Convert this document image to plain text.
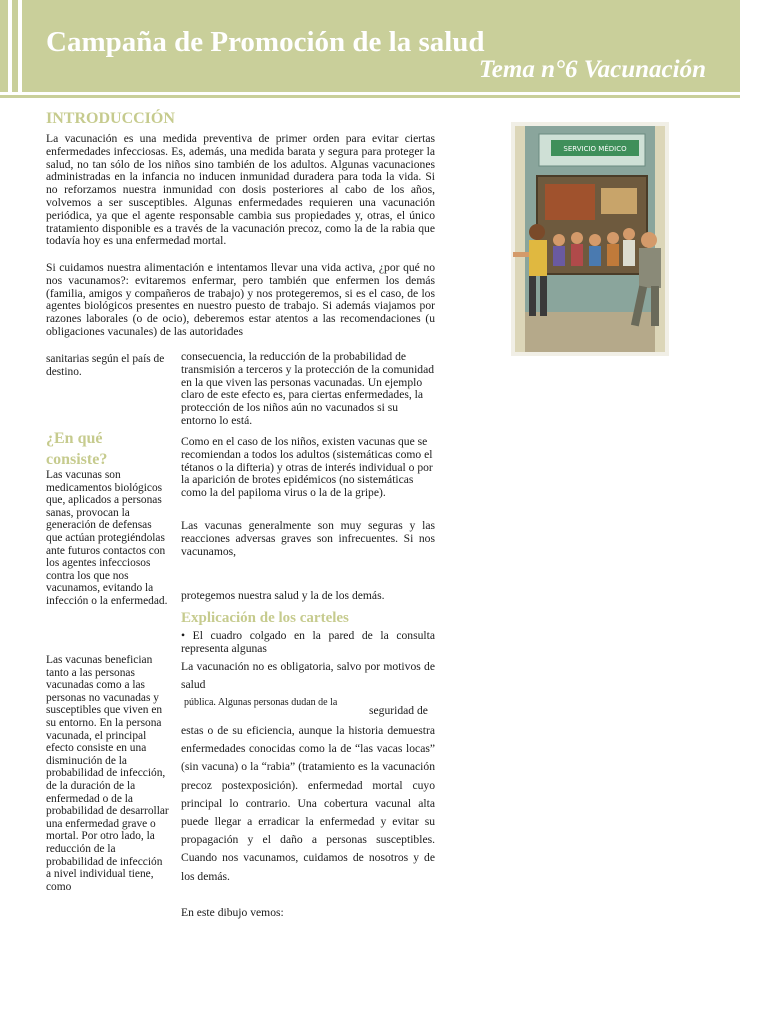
Campaña de Promoción de la salud
Tema n°6 Vacunación
INTRODUCCIÓN
La vacunación es una medida preventiva de primer orden para evitar ciertas enfermedades infecciosas. Es, además, una medida barata y segura para proteger la salud, no tan sólo de los niños sino también de los adultos. Algunas vacunaciones administradas en la infancia no inducen inmunidad duradera para toda la vida. Si no reforzamos nuestra inmunidad con dosis posteriores al cabo de los años, volvemos a ser susceptibles. Algunas enfermedades requieren una vacunación periódica, ya que el agente responsable cambia sus propiedades y, otras, el único tratamiento disponible es a través de la vacunación precoz, como la de la rabia que todavía hoy es una enfermedad mortal.
Si cuidamos nuestra alimentación e intentamos llevar una vida activa, ¿por qué no nos vacunamos?: evitaremos enfermar, pero también que enfermen los demás (familia, amigos y compañeros de trabajo) y nos protegeremos, si es el caso, de los agentes biológicos presentes en nuestro puesto de trabajo. Si además viajamos por razones laborales (o de ocio), deberemos estar atentos a las recomendaciones (u obligaciones vacunales) de las autoridades
sanitarias según el país de destino.
¿En qué consiste?
Las vacunas son medicamentos biológicos que, aplicados a personas sanas, provocan la generación de defensas que actúan protegiéndolas ante futuros contactos con los agentes infecciosos contra los que nos vacunamos, evitando la infección o la enfermedad.
Las vacunas benefician tanto a las personas vacunadas como a las personas no vacunadas y susceptibles que viven en su entorno. En la persona vacunada, el principal efecto consiste en una disminución de la probabilidad de infección, de la duración de la enfermedad o de la probabilidad de desarrollar una enfermedad grave o mortal. Por otro lado, la reducción de la probabilidad de infección a nivel individual tiene, como
consecuencia, la reducción de la probabilidad de transmisión a terceros y la protección de la comunidad en la que viven las personas vacunadas. Un ejemplo claro de este efecto es, para ciertas enfermedades, la protección de los niños aún no vacunados si su entorno lo está.
Como en el caso de los niños, existen vacunas que se recomiendan a todos los adultos (sistemáticas como el tétanos o la difteria) y otras de interés individual o por la aparición de brotes epidémicos (no sistemáticas como la del papiloma virus o la de la gripe).
Las vacunas generalmente son muy seguras y las reacciones adversas graves son infrecuentes. Si nos vacunamos,
protegemos nuestra salud y la de los demás.
Explicación de los carteles
• El cuadro colgado en la pared de la consulta representa algunas
La vacunación no es obligatoria, salvo por motivos de salud
pública. Algunas personas dudan de la
seguridad de
estas o de su eficiencia, aunque la historia demuestra enfermedades conocidas como la de “las vacas locas” (sin vacuna) o la “rabia” (tratamiento es la vacunación precoz postexposición). enfermedad mortal cuyo principal lo contrario. Una cobertura vacunal alta puede llegar a erradicar la enfermedad y evitar su propagación y el daño a personas susceptibles. Cuando nos vacunamos, cuidamos de nosotros y de los demás.
En este dibujo vemos:
SERVICIO MÉDICO
